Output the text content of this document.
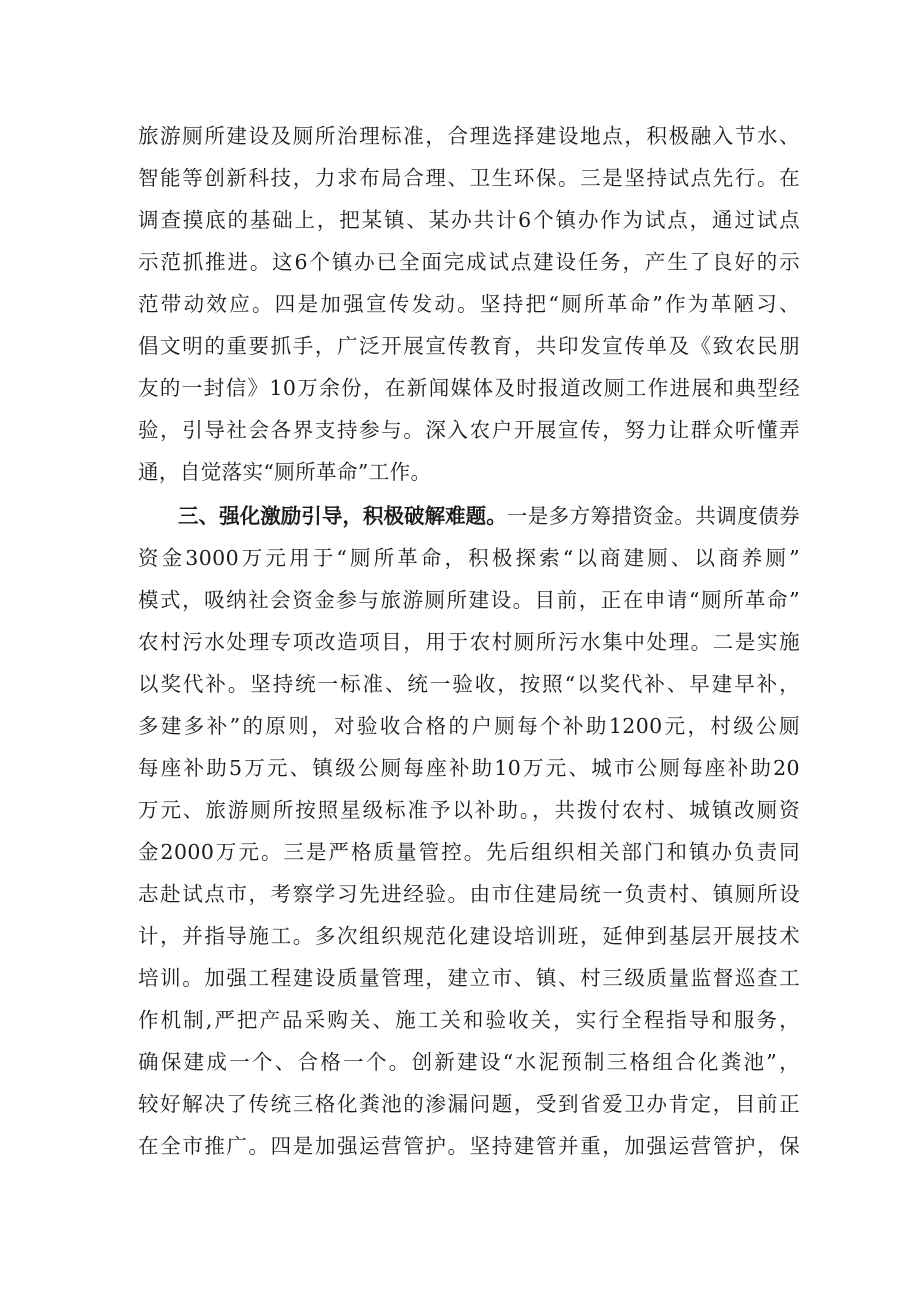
旅游厕所建设及厕所治理标准，合理选择建设地点，积极融入节水、
智能等创新科技，力求布局合理、卫生环保。三是坚持试点先行。在
调查摸底的基础上，把某镇、某办共计6个镇办作为试点，通过试点
示范抓推进。这6个镇办已全面完成试点建设任务，产生了良好的示
范带动效应。四是加强宣传发动。坚持把“厕所革命”作为革陋习、
倡文明的重要抓手，广泛开展宣传教育，共印发宣传单及《致农民朋
友的一封信》10万余份，在新闻媒体及时报道改厕工作进展和典型经
验，引导社会各界支持参与。深入农户开展宣传，努力让群众听懂弄
通，自觉落实“厕所革命”工作。
三、强化激励引导，积极破解难题。一是多方筹措资金。共调度债券
资金3000万元用于“厕所革命，积极探索“以商建厕、以商养厕”
模式，吸纳社会资金参与旅游厕所建设。目前，正在申请“厕所革命”
农村污水处理专项改造项目，用于农村厕所污水集中处理。二是实施
以奖代补。坚持统一标准、统一验收，按照“以奖代补、早建早补，
多建多补”的原则，对验收合格的户厕每个补助1200元，村级公厕
每座补助5万元、镇级公厕每座补助10万元、城市公厕每座补助20
万元、旅游厕所按照星级标准予以补助。，共拨付农村、城镇改厕资
金2000万元。三是严格质量管控。先后组织相关部门和镇办负责同
志赴试点市，考察学习先进经验。由市住建局统一负责村、镇厕所设
计，并指导施工。多次组织规范化建设培训班，延伸到基层开展技术
培训。加强工程建设质量管理，建立市、镇、村三级质量监督巡查工
作机制,严把产品采购关、施工关和验收关，实行全程指导和服务，
确保建成一个、合格一个。创新建设“水泥预制三格组合化粪池”，
较好解决了传统三格化粪池的渗漏问题，受到省爱卫办肯定，目前正
在全市推广。四是加强运营管护。坚持建管并重，加强运营管护，保
